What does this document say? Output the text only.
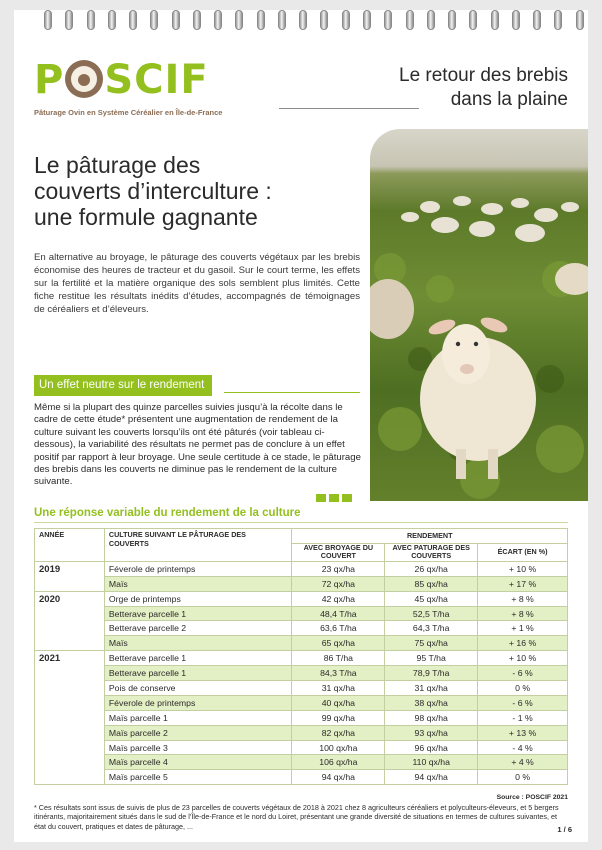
P SCIF
Pâturage Ovin en Système Céréalier en Île-de-France
Le retour des brebis
dans la plaine
Le pâturage des
couverts d’interculture :
une formule gagnante

En alternative au broyage, le pâturage des couverts végétaux par les brebis économise des heures de tracteur et du gasoil. Sur le court terme, les effets sur la fertilité et la matière organique des sols semblent plus limités. Cette fiche restitue les résultats inédits d’études, accompagnés de témoignages de céréaliers et d’éleveurs.

Un effet neutre sur le rendement

Même si la plupart des quinze parcelles suivies jusqu’à la récolte dans le cadre de cette étude* présentent une augmentation de rendement de la culture suivant les couverts lorsqu’ils ont été pâturés (voir tableau ci-dessous), la variabilité des résultats ne permet pas de conclure à un effet positif par rapport à leur broyage. Une seule certitude à ce stade, le pâturage des brebis dans les couverts ne diminue pas le rendement de la culture suivante.

Une réponse variable du rendement de la culture
ANNÉE	CULTURE SUIVANT LE PÂTURAGE DES COUVERTS	RENDEMENT		
		AVEC BROYAGE DU COUVERT	AVEC PATURAGE DES COUVERTS	ÉCART (EN %)
2019	Féverole de printemps	23 qx/ha	26 qx/ha	+ 10 %
	Maïs	72 qx/ha	85 qx/ha	+ 17 %
2020	Orge de printemps	42 qx/ha	45 qx/ha	+ 8 %
	Betterave parcelle 1	48,4 T/ha	52,5 T/ha	+ 8 %
	Betterave parcelle 2	63,6 T/ha	64,3 T/ha	+ 1 %
	Maïs	65 qx/ha	75 qx/ha	+ 16 %
2021	Betterave parcelle 1	86 T/ha	95 T/ha	+ 10 %
	Betterave parcelle 1	84,3 T/ha	78,9 T/ha	- 6 %
	Pois de conserve	31 qx/ha	31 qx/ha	0 %
	Féverole de printemps	40 qx/ha	38 qx/ha	- 6 %
	Maïs parcelle 1	99 qx/ha	98 qx/ha	- 1 %
	Maïs parcelle 2	82 qx/ha	93 qx/ha	+ 13 %
	Maïs parcelle 3	100 qx/ha	96 qx/ha	- 4 %
	Maïs parcelle 4	106 qx/ha	110 qx/ha	+ 4 %
	Maïs parcelle 5	94 qx/ha	94 qx/ha	0 %
Source : POSCIF 2021

* Ces résultats sont issus de suivis de plus de 23 parcelles de couverts végétaux de 2018 à 2021 chez 8 agriculteurs céréaliers et polyculteurs-éleveurs, et 5 bergers itinérants, majoritairement situés dans le sud de l’Île-de-France et le nord du Loiret, présentant une grande diversité de situations en termes de cultures suivantes, et état du couvert, pratiques et dates de pâturage, ...	1 / 6
